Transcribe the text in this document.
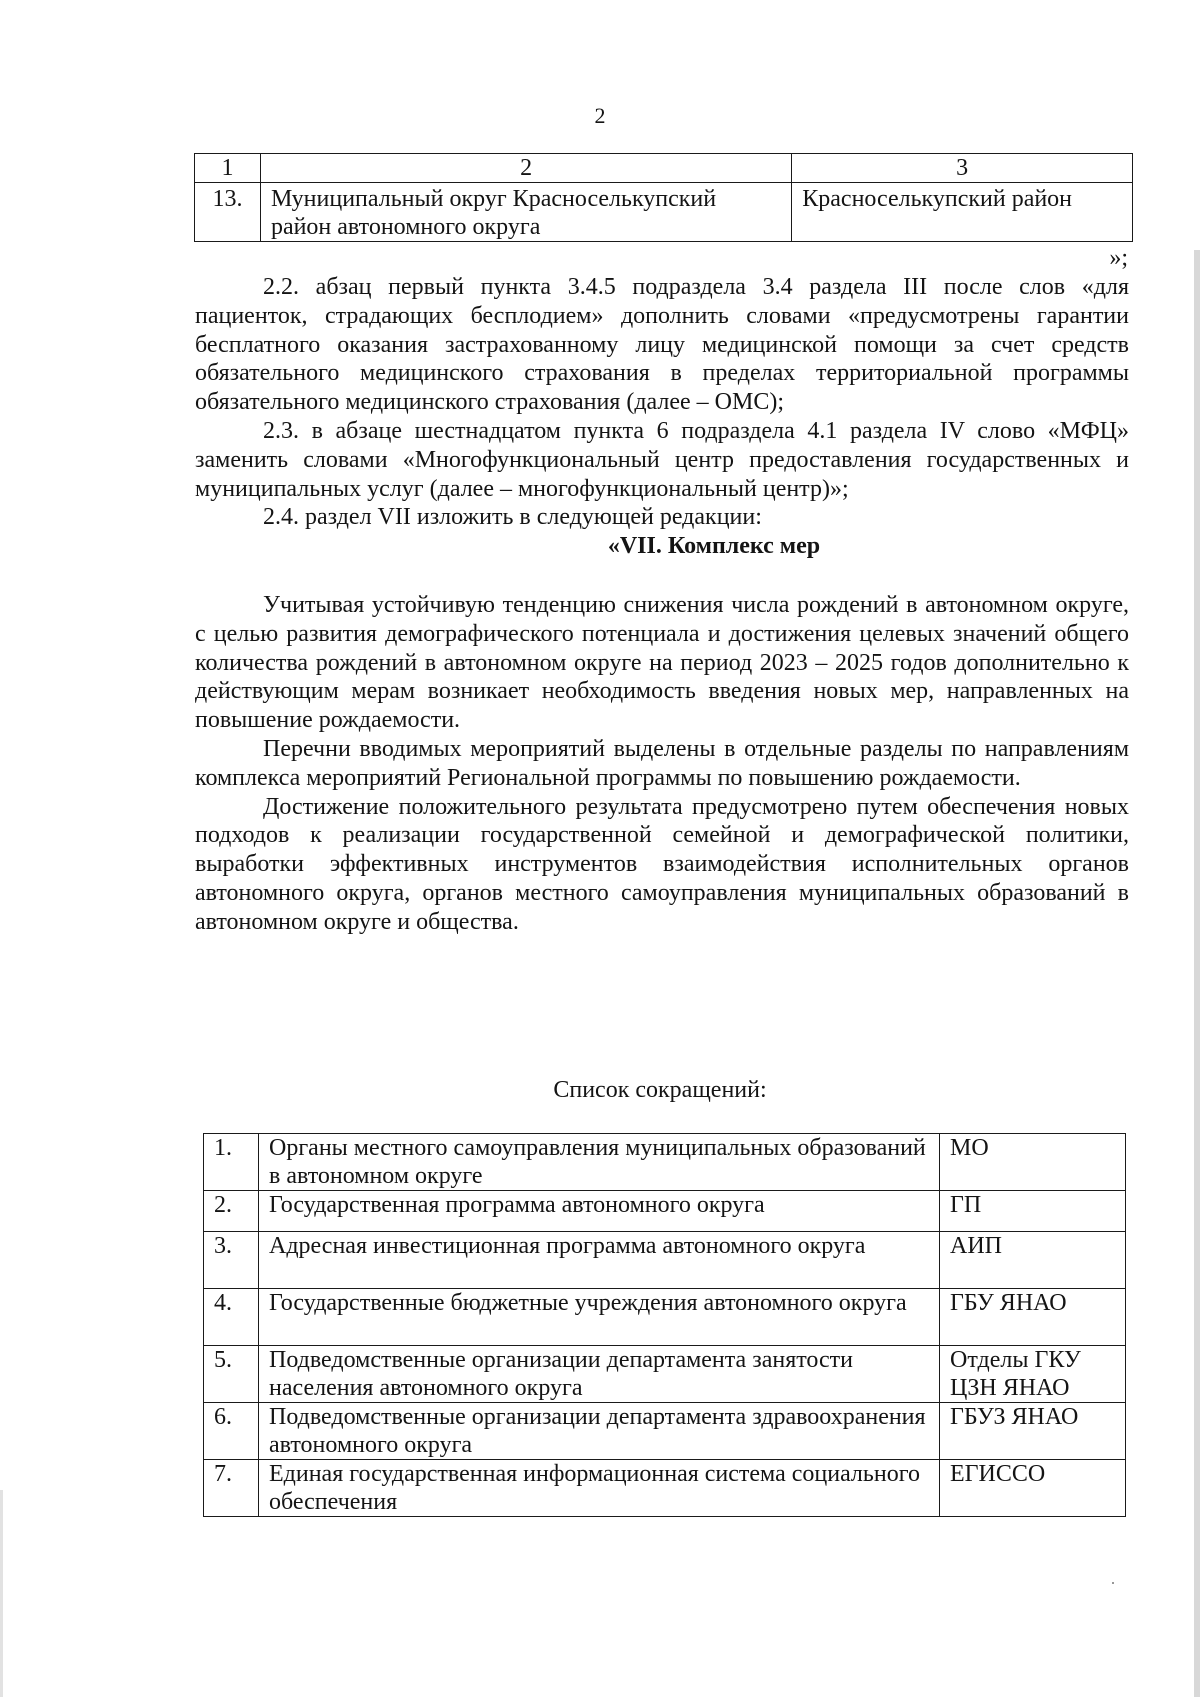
2
1	2	3
13.	Муниципальный округ Красноселькупский район автономного округа	Красноселькупский район
»;

2.2. абзац первый пункта 3.4.5 подраздела 3.4 раздела III после слов «для пациенток, страдающих бесплодием» дополнить словами «предусмотрены гарантии бесплатного оказания застрахованному лицу медицинской помощи за счет средств обязательного медицинского страхования в пределах территориальной программы обязательного медицинского страхования (далее – ОМС);

2.3. в абзаце шестнадцатом пункта 6 подраздела 4.1 раздела IV слово «МФЦ» заменить словами «Многофункциональный центр предоставления государственных и муниципальных услуг (далее – многофункциональный центр)»;

2.4. раздел VII изложить в следующей редакции:

«VII. Комплекс мер

Учитывая устойчивую тенденцию снижения числа рождений в автономном округе, с целью развития демографического потенциала и достижения целевых значений общего количества рождений в автономном округе на период 2023 – 2025 годов дополнительно к действующим мерам возникает необходимость введения новых мер, направленных на повышение рождаемости.

Перечни вводимых мероприятий выделены в отдельные разделы по направлениям комплекса мероприятий Региональной программы по повышению рождаемости.

Достижение положительного результата предусмотрено путем обеспечения новых подходов к реализации государственной семейной и демографической политики, выработки эффективных инструментов взаимодействия исполнительных органов автономного округа, органов местного самоуправления муниципальных образований в автономном округе и общества.

Список сокращений:
1.	Органы местного самоуправления муниципальных образований в автономном округе	МО
2.	Государственная программа автономного округа	ГП
3.	Адресная инвестиционная программа автономного округа	АИП
4.	Государственные бюджетные учреждения автономного округа	ГБУ ЯНАО
5.	Подведомственные организации департамента занятости населения автономного округа	Отделы ГКУ ЦЗН ЯНАО
6.	Подведомственные организации департамента здравоохранения автономного округа	ГБУЗ ЯНАО
7.	Единая государственная информационная система социального обеспечения	ЕГИССО
